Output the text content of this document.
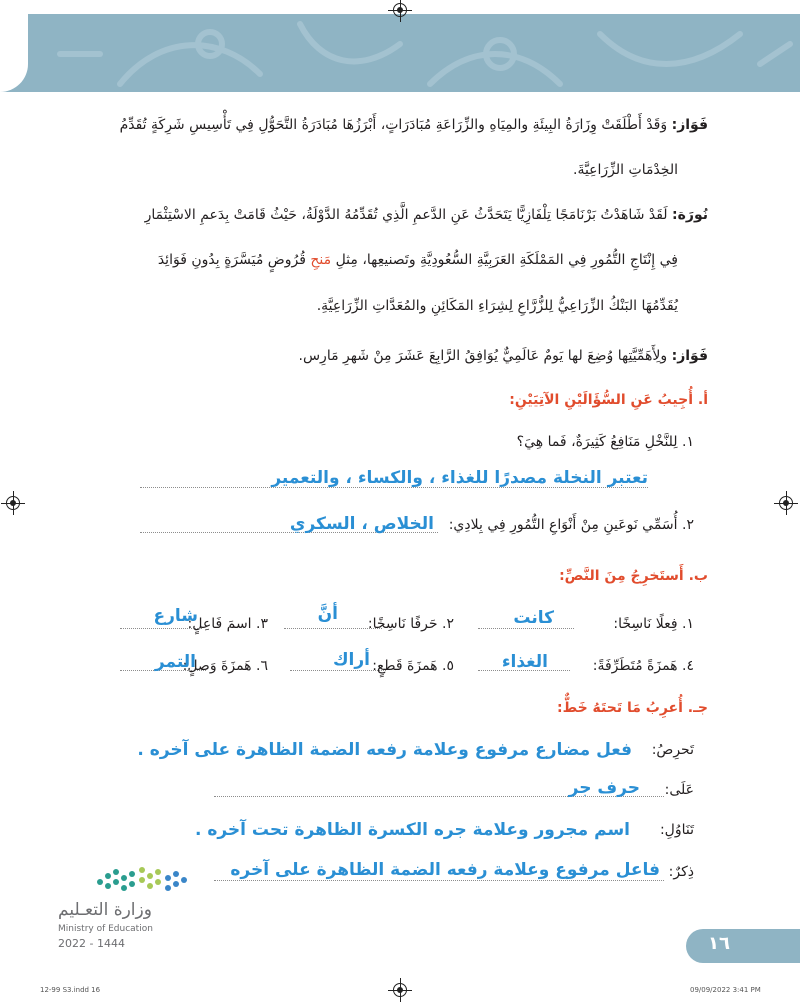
فَوَاز: وَقَدْ أَطْلَقَتْ وِزَارَةُ البِيئَةِ والمِيَاهِ والزِّرَاعَةِ مُبَادَرَاتٍ، أَبْرَزُهَا مُبَادَرَةُ التَّحَوُّلِ فِي تَأْسِيسِ شَرِكَةٍ تُقَدِّمُ
الخِدْمَاتِ الزِّرَاعِيَّةَ.
نُورَة: لَقَدْ شَاهَدْتُ بَرْنَامَجًا تِلْفَازِيًّا يَتَحَدَّثُ عَنِ الدَّعمِ الَّذِي تُقَدِّمُهُ الدَّوْلَةُ، حَيْثُ قَامَتْ بِدَعمِ الاسْتِثْمَارِ
فِي إِنْتَاجِ التُّمُورِ فِي المَمْلَكَةِ العَرَبِيَّةِ السُّعُودِيَّةِ وتَصنيعِها، مِثلِ مَنحِ قُرُوضٍ مُيَسَّرَةٍ بِدُونِ فَوَائِدَ
يُقَدِّمُهَا البَنْكُ الزِّرَاعِيُّ لِلزُّرَّاعِ لِشِرَاءِ المَكَائِنِ والمُعَدَّاتِ الزِّرَاعِيَّةِ.
فَوَاز: ولِأَهَمِّيَّتِها وُضِعَ لها يَومٌ عَالَمِيٌّ يُوَافِقُ الرَّابِعَ عَشَرَ مِنْ شَهرِ مَارِس.
أ. أُجِيبُ عَنِ السُّؤَالَيْنِ الآتِيَيْنِ:
١. لِلنَّخْلِ مَنَافِعُ كَثِيرَةٌ، فَما هِيَ؟
تعتبر النخلة مصدرًا للغذاء ، والكساء ، والتعمير
٢. أُسَمِّي نَوعَينِ مِنْ أَنْوَاعِ التُّمُورِ فِي بِلادِي:
الخلاص ، السكري
ب. أَستَخرِجُ مِنَ النَّصِّ:
١. فِعلًا نَاسِخًا:
كانت
٢. حَرفًا نَاسِخًا:
أنَّ
٣. اسمَ فَاعِلٍ:
شارع
٤. هَمزَةً مُتَطَرِّفَةً:
الغذاء
٥. هَمزَةَ قَطعٍ:
أراك
٦. هَمزَةَ وَصلٍ:
التمر
جـ. أُعرِبُ مَا تَحتَهُ خَطٌّ:
تَحرِصُ:
فعل مضارع مرفوع وعلامة رفعه الضمة الظاهرة على آخره .
عَلَى:
حرف جر
تَنَاوُلِ:
اسم مجرور وعلامة جره الكسرة الظاهرة تحت آخره .
ذِكرٌ:
فاعل مرفوع وعلامة رفعه الضمة الظاهرة على آخره
وزارة التعـليم
Ministry of Education
2022 - 1444	١٦
12-99 S3.indd 16	09/09/2022 3:41 PM
